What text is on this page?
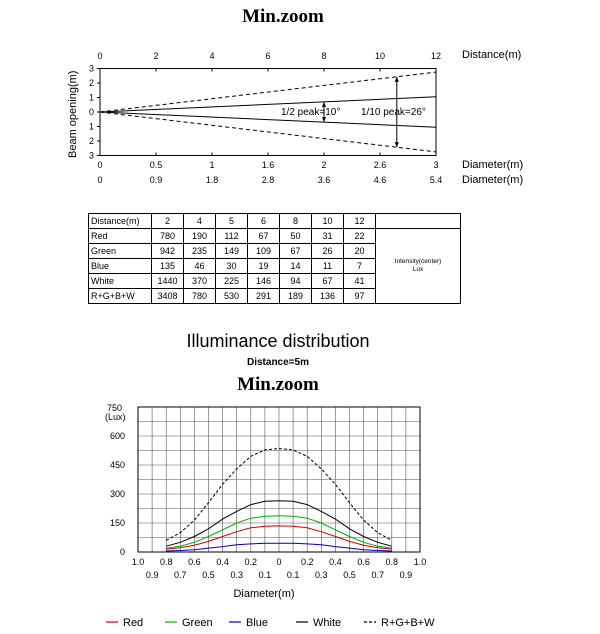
Min.zoom
Distance(m)
Beam opening(m)
0	2	4	6	8	10	12
3
2
1
0
1
2
3
1/2 peak=10° 1/10 peak=26°
0	0.5	1	1.6	2	2.6	3
0	0.9	1.8	2.8	3.6	4.6	5.4
Diameter(m)
Diameter(m)
Distance(m)	2	4	5	6	8	10	12	
Red	780	190	112	67	50	31	22	Intensity(center)
Lux

Green	942	235	149	109	67	26	20	
Blue	135	46	30	19	14	11	7	
White	1440	370	225	146	94	67	41	
R+G+B+W	3408	780	530	291	189	136	97	
Illuminance distribution
Distance=5m
Min.zoom
750
(Lux)
0
150
300
450
600
1.0 0.8 0.6 0.4 0.2 0 0.2 0.4 0.6 0.8 1.0
0.9 0.7 0.5 0.3 0.1 0.1 0.3 0.5 0.7 0.9
Diameter(m)
Red	Green	Blue	White	R+G+B+W
